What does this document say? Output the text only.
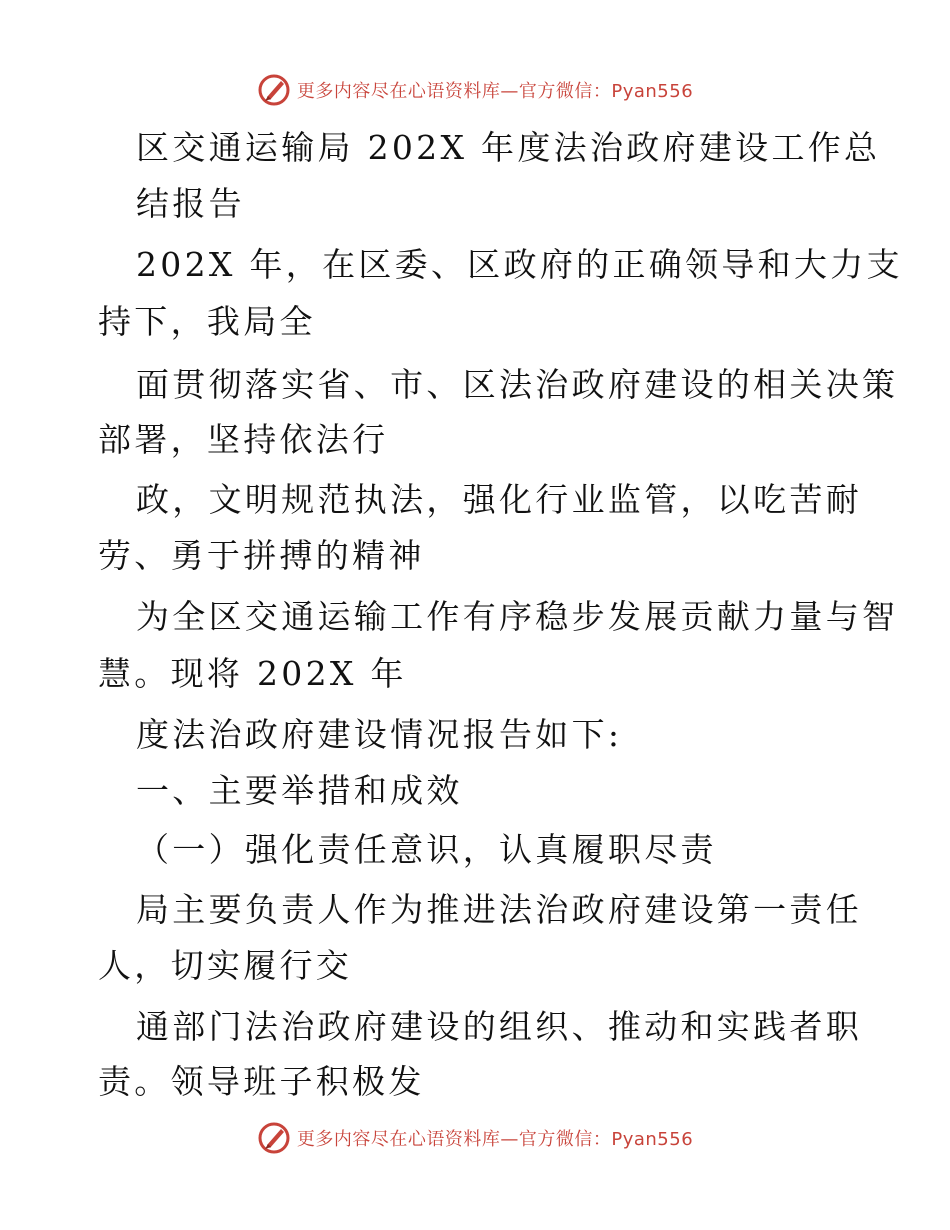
更多内容尽在心语资料库—官方微信：Pyan556
区交通运输局 202X 年度法治政府建设工作总
结报告
202X 年，在区委、区政府的正确领导和大力支
持下，我局全
面贯彻落实省、市、区法治政府建设的相关决策
部署，坚持依法行
政，文明规范执法，强化行业监管，以吃苦耐
劳、勇于拼搏的精神
为全区交通运输工作有序稳步发展贡献力量与智
慧。现将 202X 年
度法治政府建设情况报告如下:
一、主要举措和成效
（一）强化责任意识，认真履职尽责
局主要负责人作为推进法治政府建设第一责任
人，切实履行交
通部门法治政府建设的组织、推动和实践者职
责。领导班子积极发
更多内容尽在心语资料库—官方微信：Pyan556
